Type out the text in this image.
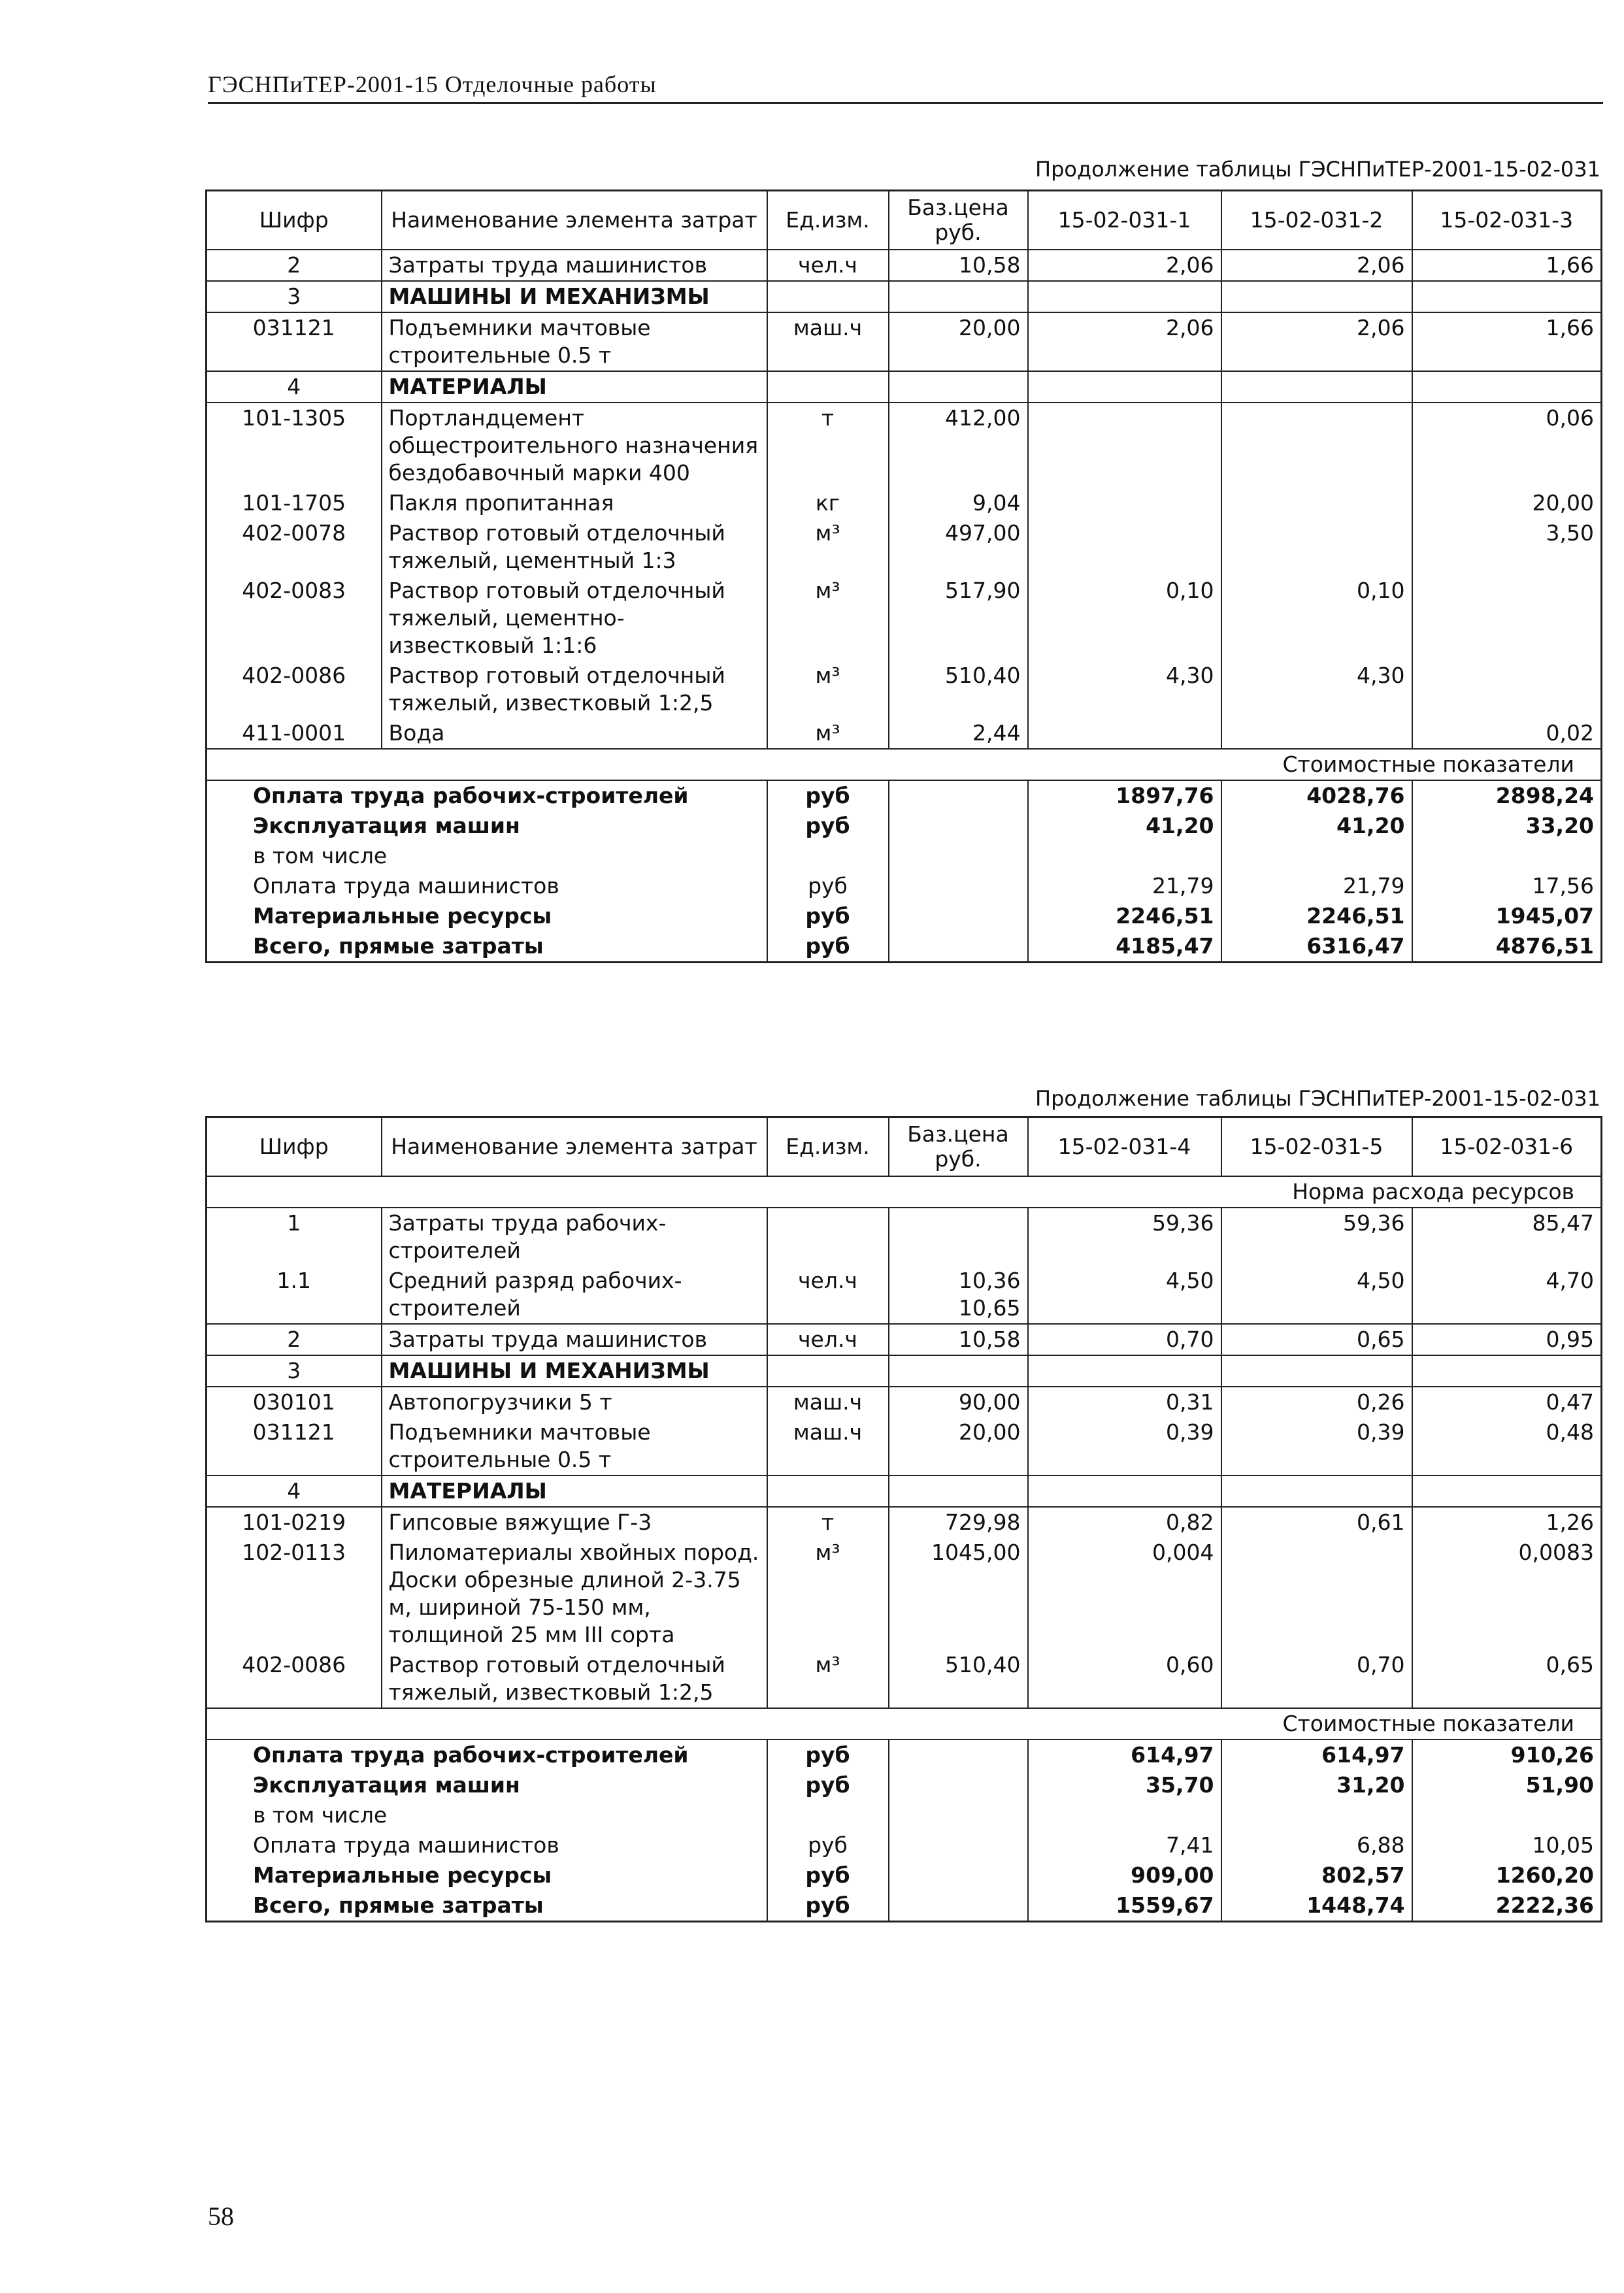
ГЭСНПиТЕР-2001-15 Отделочные работы
Продолжение таблицы ГЭСНПиТЕР-2001-15-02-031
Шифр	Наименование элемента затрат	Ед.изм.	Баз.цена руб.	15-02-031-1	15-02-031-2	15-02-031-3
2	Затраты труда машинистов	чел.ч	10,58	2,06	2,06	1,66
3	МАШИНЫ И МЕХАНИЗМЫ					
031121	Подъемники мачтовые строительные 0.5 т	маш.ч	20,00	2,06	2,06	1,66
4	МАТЕРИАЛЫ					
101-1305	Портландцемент общестроительного назначения бездобавочный марки 400	т	412,00			0,06
101-1705	Пакля пропитанная	кг	9,04			20,00
402-0078	Раствор готовый отделочный тяжелый, цементный 1:3	м³	497,00			3,50
402-0083	Раствор готовый отделочный тяжелый, цементно-известковый 1:1:6	м³	517,90	0,10	0,10	
402-0086	Раствор готовый отделочный тяжелый, известковый 1:2,5	м³	510,40	4,30	4,30	
411-0001	Вода	м³	2,44			0,02
Стоимостные показатели						
Оплата труда рабочих-строителей		руб		1897,76	4028,76	2898,24
Эксплуатация машин		руб		41,20	41,20	33,20
в том числе						
Оплата труда машинистов		руб		21,79	21,79	17,56
Материальные ресурсы		руб		2246,51	2246,51	1945,07
Всего, прямые затраты		руб		4185,47	6316,47	4876,51
Продолжение таблицы ГЭСНПиТЕР-2001-15-02-031
Шифр	Наименование элемента затрат	Ед.изм.	Баз.цена руб.	15-02-031-4	15-02-031-5	15-02-031-6
Норма расхода ресурсов						
1	Затраты труда рабочих-строителей			59,36	59,36	85,47
1.1	Средний разряд рабочих-строителей	чел.ч	10,36 10,65	4,50	4,50	4,70
2	Затраты труда машинистов	чел.ч	10,58	0,70	0,65	0,95
3	МАШИНЫ И МЕХАНИЗМЫ					
030101	Автопогрузчики 5 т	маш.ч	90,00	0,31	0,26	0,47
031121	Подъемники мачтовые строительные 0.5 т	маш.ч	20,00	0,39	0,39	0,48
4	МАТЕРИАЛЫ					
101-0219	Гипсовые вяжущие Г-3	т	729,98	0,82	0,61	1,26
102-0113	Пиломатериалы хвойных пород. Доски обрезные длиной 2-3.75 м, шириной 75-150 мм, толщиной 25 мм III сорта	м³	1045,00	0,004		0,0083
402-0086	Раствор готовый отделочный тяжелый, известковый 1:2,5	м³	510,40	0,60	0,70	0,65
Стоимостные показатели						
Оплата труда рабочих-строителей		руб		614,97	614,97	910,26
Эксплуатация машин		руб		35,70	31,20	51,90
в том числе						
Оплата труда машинистов		руб		7,41	6,88	10,05
Материальные ресурсы		руб		909,00	802,57	1260,20
Всего, прямые затраты		руб		1559,67	1448,74	2222,36
58
